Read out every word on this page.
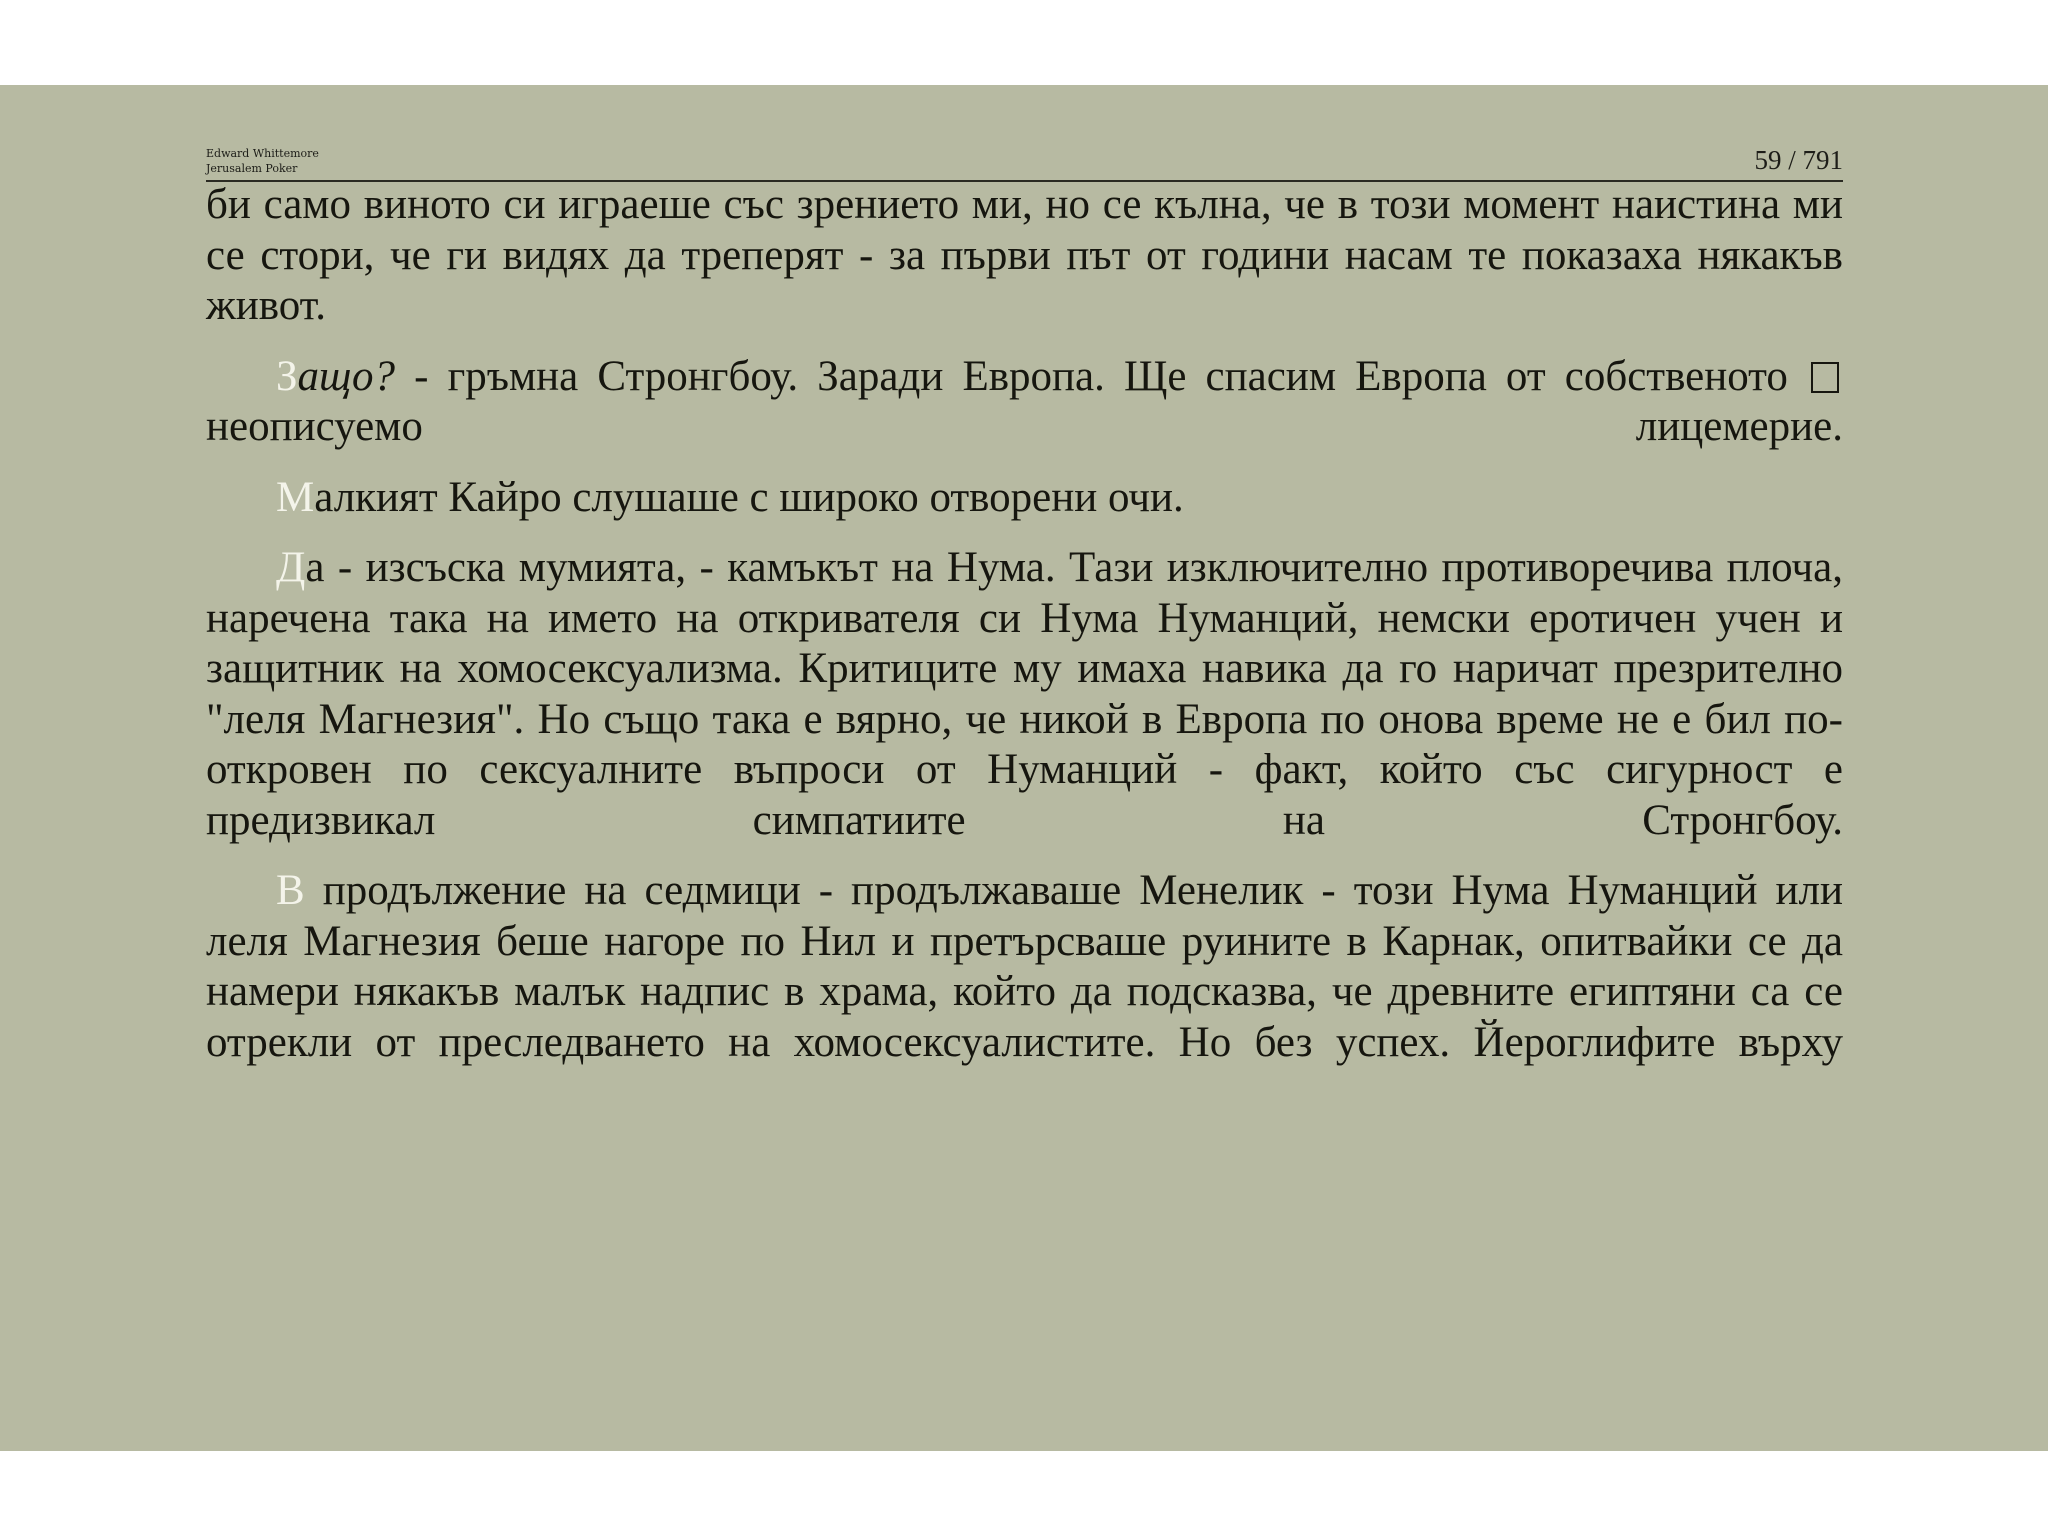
Edward Whittemore
Jerusalem Poker	59 / 791

би само виното си играеше със зрението ми, но се кълна, че в този момент наистина ми се стори, че ги видях да треперят - за първи път от години насам те показаха някакъв живот.

Защо? - гръмна Стронгбоу. Заради Европа. Ще спасим Европа от собственото  неописуемо лицемерие.

Малкият Кайро слушаше с широко отворени очи.

Да - изсъска мумията, - камъкът на Нума. Тази изключително противоречива плоча, наречена така на името на откривателя си Нума Нуманций, немски еротичен учен и защитник на хомосексуализма. Критиците му имаха навика да го наричат презрително "леля Магнезия". Но също така е вярно, че никой в Европа по онова време не е бил по-откровен по сексуалните въпроси от Нуманций - факт, който със сигурност е предизвикал симпатиите на Стронгбоу.

В продължение на седмици - продължаваше Менелик - този Нума Нуманций или леля Магнезия беше нагоре по Нил и претърсваше руините в Карнак, опитвайки се да намери някакъв малък надпис в храма, който да подсказва, че древните египтяни са се отрекли от преследването на хомосексуалистите. Но без успех. Йероглифите върху
